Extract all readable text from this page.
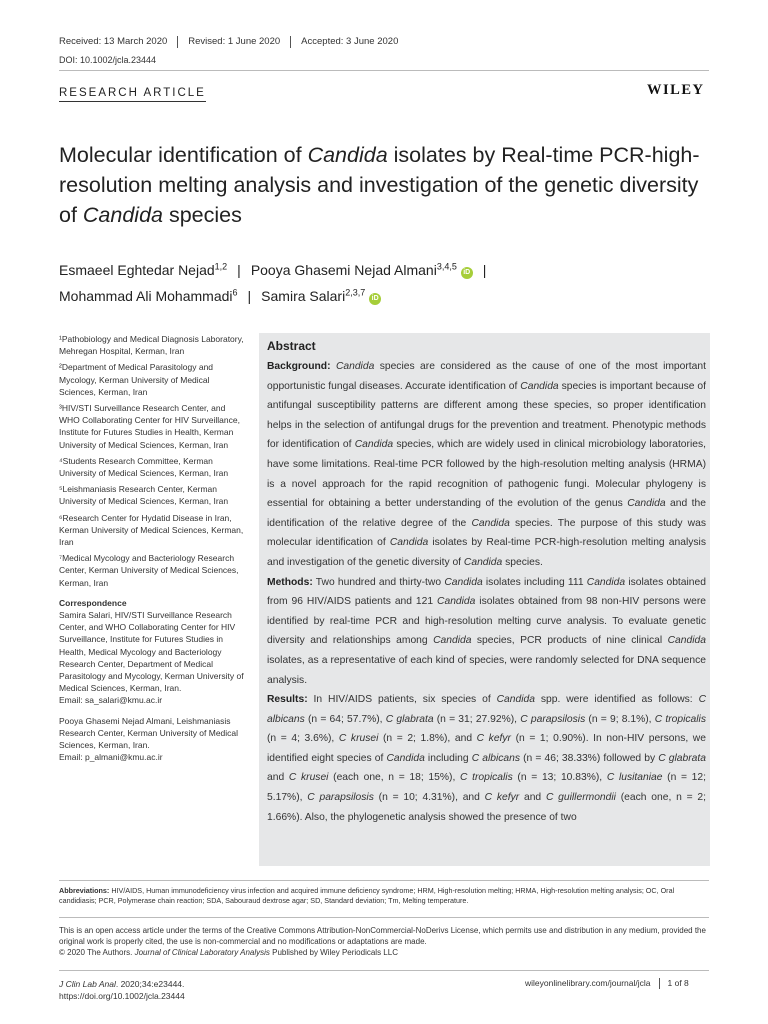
Received: 13 March 2020	Revised: 1 June 2020	Accepted: 3 June 2020
DOI: 10.1002/jcla.23444
RESEARCH ARTICLE	WILEY
Molecular identification of Candida isolates by Real-time PCR-high-resolution melting analysis and investigation of the genetic diversity of Candida species
Esmaeel Eghtedar Nejad$^{1,2}$ | Pooya Ghasemi Nejad Almani$^{3,4,5}$ iD |
Mohammad Ali Mohammadi$^6$ | Samira Salari$^{2,3,7}$ iD

¹Pathobiology and Medical Diagnosis Laboratory, Mehregan Hospital, Kerman, Iran

²Department of Medical Parasitology and Mycology, Kerman University of Medical Sciences, Kerman, Iran

³HIV/STI Surveillance Research Center, and WHO Collaborating Center for HIV Surveillance, Institute for Futures Studies in Health, Kerman University of Medical Sciences, Kerman, Iran

⁴Students Research Committee, Kerman University of Medical Sciences, Kerman, Iran

⁵Leishmaniasis Research Center, Kerman University of Medical Sciences, Kerman, Iran

⁶Research Center for Hydatid Disease in Iran, Kerman University of Medical Sciences, Kerman, Iran

⁷Medical Mycology and Bacteriology Research Center, Kerman University of Medical Sciences, Kerman, Iran

Correspondence

Samira Salari, HIV/STI Surveillance Research Center, and WHO Collaborating Center for HIV Surveillance, Institute for Futures Studies in Health, Medical Mycology and Bacteriology Research Center, Department of Medical Parasitology and Mycology, Kerman University of Medical Sciences, Kerman, Iran.

Email: sa_salari@kmu.ac.ir

Pooya Ghasemi Nejad Almani, Leishmaniasis Research Center, Kerman University of Medical Sciences, Kerman, Iran.

Email: p_almani@kmu.ac.ir

Abstract

Background: Candida species are considered as the cause of one of the most important opportunistic fungal diseases. Accurate identification of Candida species is important because of antifungal susceptibility patterns are different among these species, so proper identification helps in the selection of antifungal drugs for the prevention and treatment. Phenotypic methods for identification of Candida species, which are widely used in clinical microbiology laboratories, have some limitations. Real-time PCR followed by the high-resolution melting analysis (HRMA) is a novel approach for the rapid recognition of pathogenic fungi. Molecular phylogeny is essential for obtaining a better understanding of the evolution of the genus Candida and the identification of the relative degree of the Candida species. The purpose of this study was molecular identification of Candida isolates by Real-time PCR-high-resolution melting analysis and investigation of the genetic diversity of Candida species.

Methods: Two hundred and thirty-two Candida isolates including 111 Candida isolates obtained from 96 HIV/AIDS patients and 121 Candida isolates obtained from 98 non-HIV persons were identified by real-time PCR and high-resolution melting curve analysis. To evaluate genetic diversity and relationships among Candida species, PCR products of nine clinical Candida isolates, as a representative of each kind of species, were randomly selected for DNA sequence analysis.

Results: In HIV/AIDS patients, six species of Candida spp. were identified as follows: C albicans (n = 64; 57.7%), C glabrata (n = 31; 27.92%), C parapsilosis (n = 9; 8.1%), C tropicalis (n = 4; 3.6%), C krusei (n = 2; 1.8%), and C kefyr (n = 1; 0.90%). In non-HIV persons, we identified eight species of Candida including C albicans (n = 46; 38.33%) followed by C glabrata and C krusei (each one, n = 18; 15%), C tropicalis (n = 13; 10.83%), C lusitaniae (n = 12; 5.17%), C parapsilosis (n = 10; 4.31%), and C kefyr and C guillermondii (each one, n = 2; 1.66%). Also, the phylogenetic analysis showed the presence of two

Abbreviations: HIV/AIDS, Human immunodeficiency virus infection and acquired immune deficiency syndrome; HRM, High-resolution melting; HRMA, High-resolution melting analysis; OC, Oral candidiasis; PCR, Polymerase chain reaction; SDA, Sabouraud dextrose agar; SD, Standard deviation; Tm, Melting temperature.
This is an open access article under the terms of the Creative Commons Attribution-NonCommercial-NoDerivs License, which permits use and distribution in any medium, provided the original work is properly cited, the use is non-commercial and no modifications or adaptations are made.
© 2020 The Authors. Journal of Clinical Laboratory Analysis Published by Wiley Periodicals LLC
J Clin Lab Anal. 2020;34:e23444.
https://doi.org/10.1002/jcla.23444
wileyonlinelibrary.com/journal/jcla	1 of 8
